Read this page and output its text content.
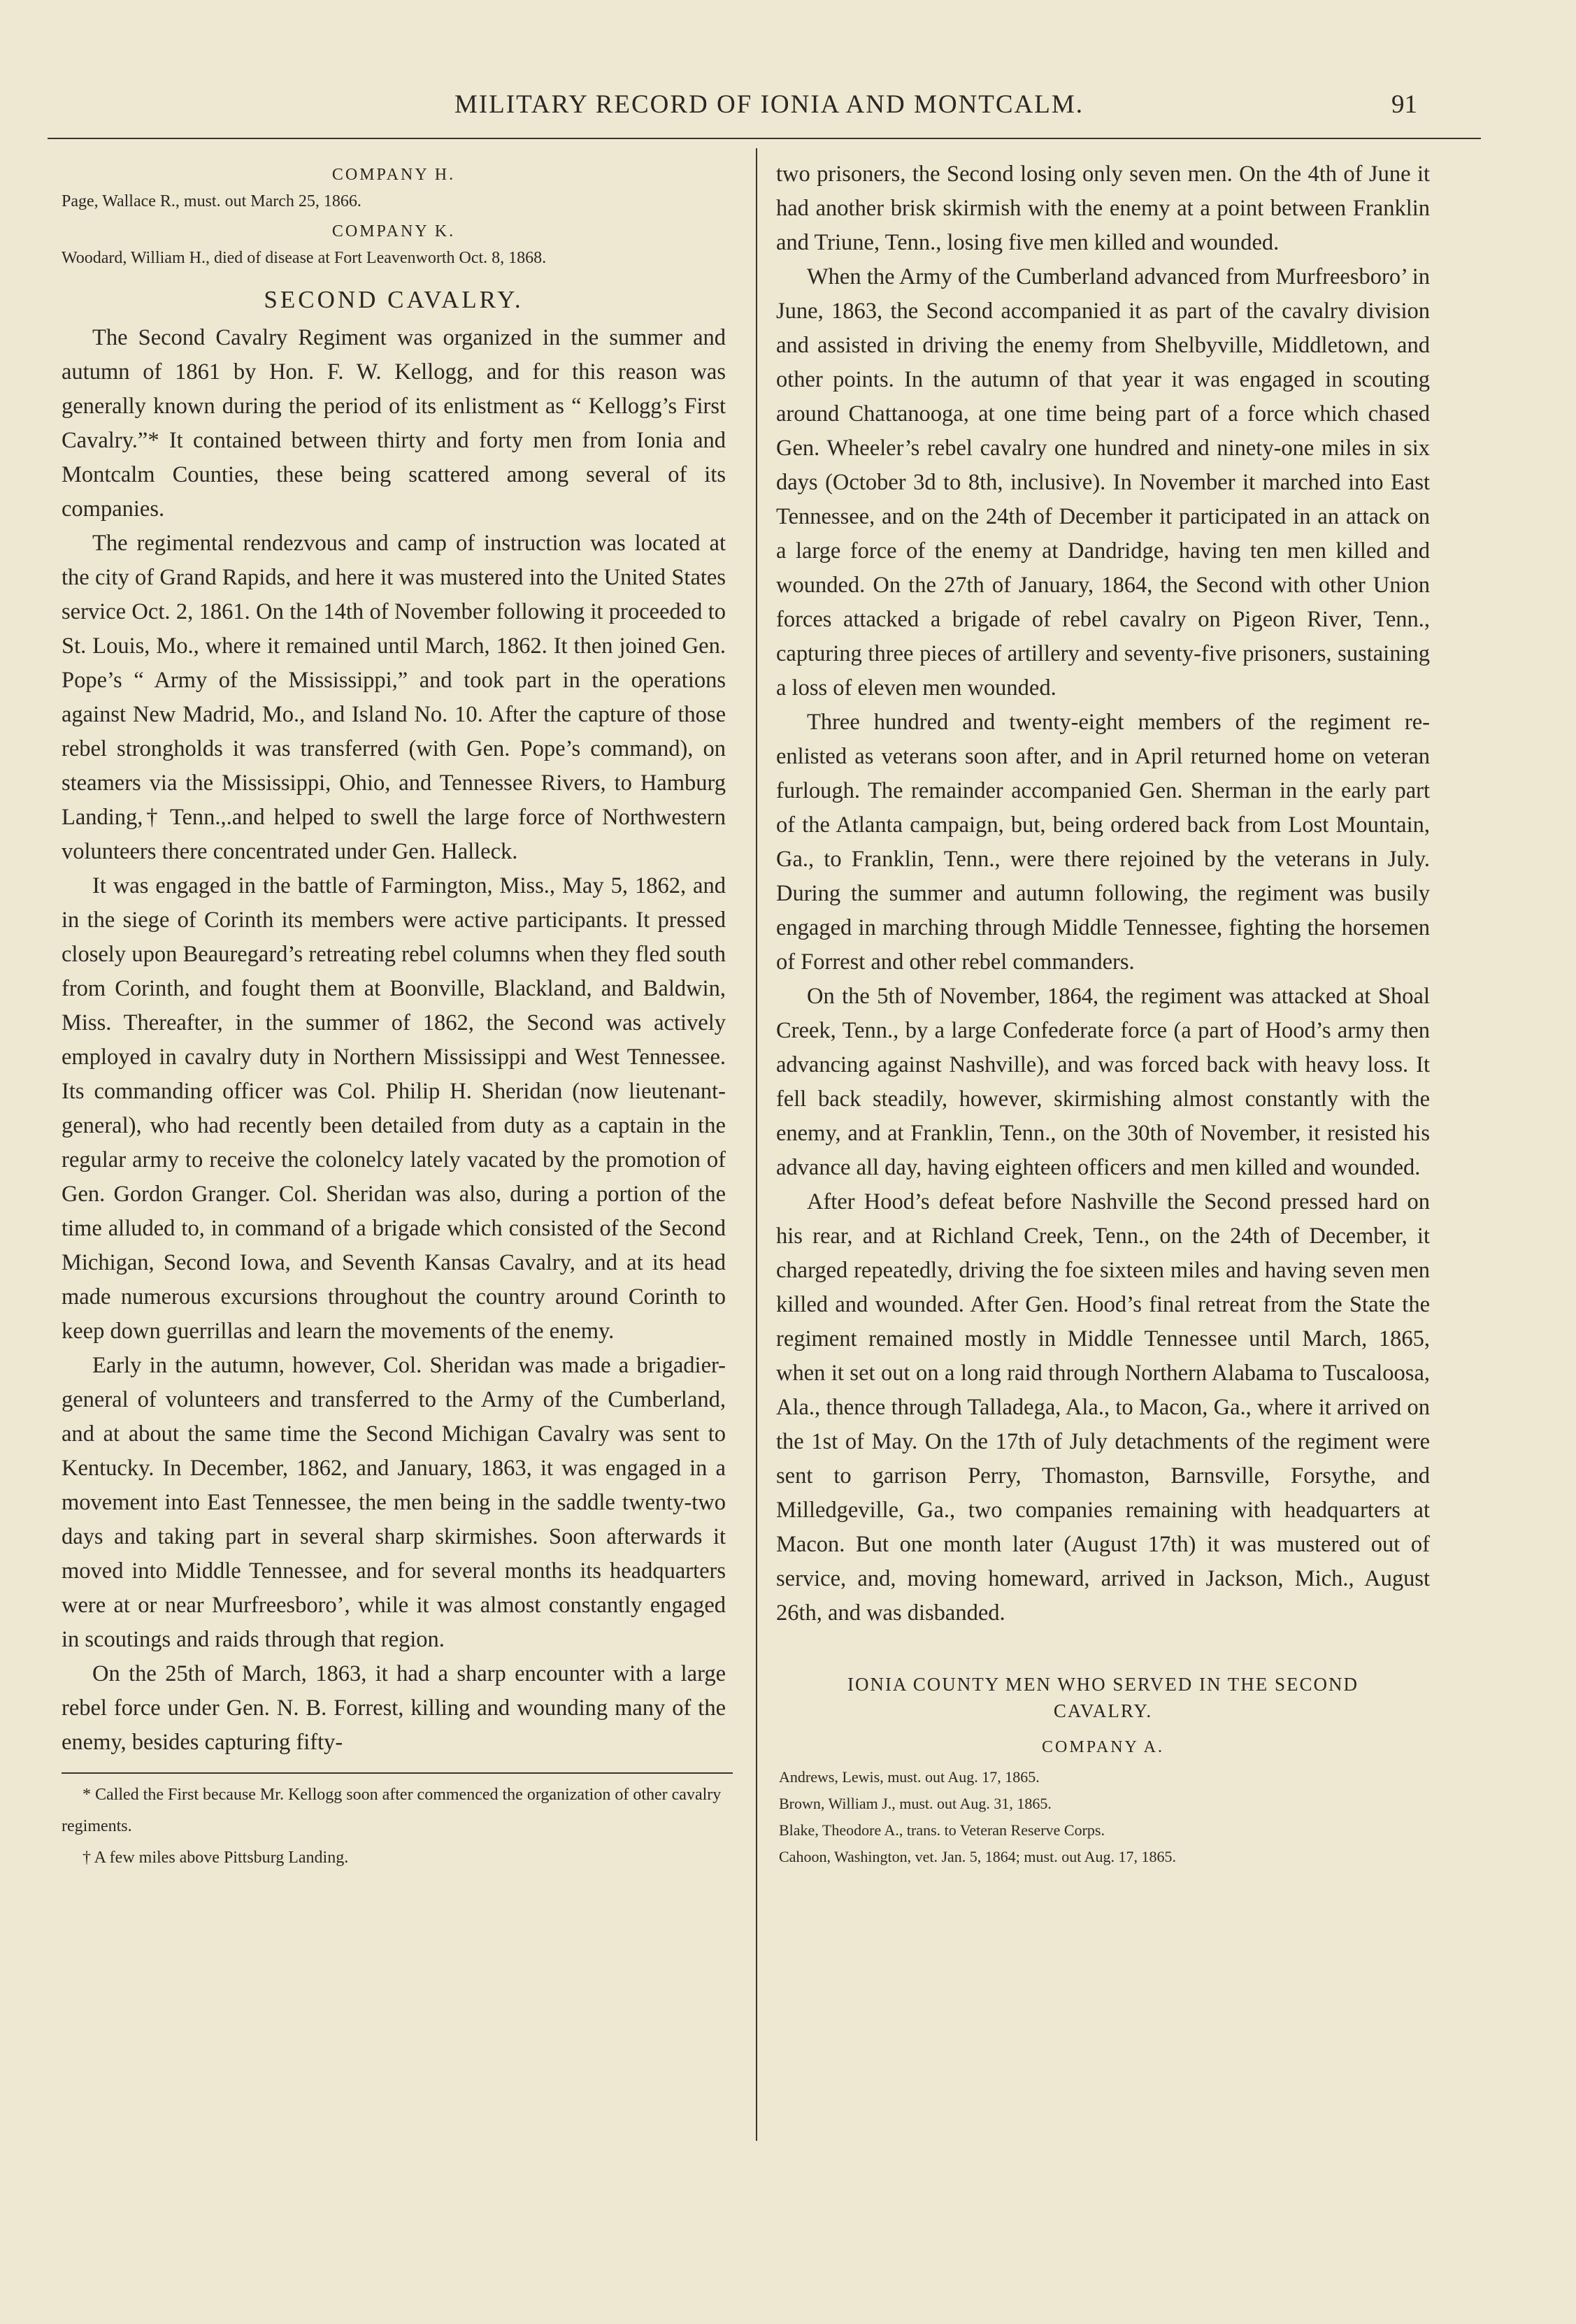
MILITARY RECORD OF IONIA AND MONTCALM.	91
COMPANY H.

Page, Wallace R., must. out March 25, 1866.

COMPANY K.

Woodard, William H., died of disease at Fort Leavenworth Oct. 8, 1868.

SECOND CAVALRY.

The Second Cavalry Regiment was organized in the summer and autumn of 1861 by Hon. F. W. Kellogg, and for this reason was generally known during the period of its enlistment as “ Kellogg’s First Cavalry.”* It contained between thirty and forty men from Ionia and Montcalm Counties, these being scattered among several of its companies.

The regimental rendezvous and camp of instruction was located at the city of Grand Rapids, and here it was mustered into the United States service Oct. 2, 1861. On the 14th of November following it proceeded to St. Louis, Mo., where it remained until March, 1862. It then joined Gen. Pope’s “ Army of the Mississippi,” and took part in the operations against New Madrid, Mo., and Island No. 10. After the capture of those rebel strongholds it was transferred (with Gen. Pope’s command), on steamers via the Mississippi, Ohio, and Tennessee Rivers, to Hamburg Landing,† Tenn.,.and helped to swell the large force of Northwestern volunteers there concentrated under Gen. Halleck.

It was engaged in the battle of Farmington, Miss., May 5, 1862, and in the siege of Corinth its members were active participants. It pressed closely upon Beauregard’s retreating rebel columns when they fled south from Corinth, and fought them at Boonville, Blackland, and Baldwin, Miss. Thereafter, in the summer of 1862, the Second was actively employed in cavalry duty in Northern Mississippi and West Tennessee. Its commanding officer was Col. Philip H. Sheridan (now lieutenant-general), who had recently been detailed from duty as a captain in the regular army to receive the colonelcy lately vacated by the promotion of Gen. Gordon Granger. Col. Sheridan was also, during a portion of the time alluded to, in command of a brigade which consisted of the Second Michigan, Second Iowa, and Seventh Kansas Cavalry, and at its head made numerous excursions throughout the country around Corinth to keep down guerrillas and learn the movements of the enemy.

Early in the autumn, however, Col. Sheridan was made a brigadier-general of volunteers and transferred to the Army of the Cumberland, and at about the same time the Second Michigan Cavalry was sent to Kentucky. In December, 1862, and January, 1863, it was engaged in a movement into East Tennessee, the men being in the saddle twenty-two days and taking part in several sharp skirmishes. Soon afterwards it moved into Middle Tennessee, and for several months its headquarters were at or near Murfreesboro’, while it was almost constantly engaged in scoutings and raids through that region.

On the 25th of March, 1863, it had a sharp encounter with a large rebel force under Gen. N. B. Forrest, killing and wounding many of the enemy, besides capturing fifty-

* Called the First because Mr. Kellogg soon after commenced the organization of other cavalry regiments.

† A few miles above Pittsburg Landing.

two prisoners, the Second losing only seven men. On the 4th of June it had another brisk skirmish with the enemy at a point between Franklin and Triune, Tenn., losing five men killed and wounded.

When the Army of the Cumberland advanced from Murfreesboro’ in June, 1863, the Second accompanied it as part of the cavalry division and assisted in driving the enemy from Shelbyville, Middletown, and other points. In the autumn of that year it was engaged in scouting around Chattanooga, at one time being part of a force which chased Gen. Wheeler’s rebel cavalry one hundred and ninety-one miles in six days (October 3d to 8th, inclusive). In November it marched into East Tennessee, and on the 24th of December it participated in an attack on a large force of the enemy at Dandridge, having ten men killed and wounded. On the 27th of January, 1864, the Second with other Union forces attacked a brigade of rebel cavalry on Pigeon River, Tenn., capturing three pieces of artillery and seventy-five prisoners, sustaining a loss of eleven men wounded.

Three hundred and twenty-eight members of the regiment re-enlisted as veterans soon after, and in April returned home on veteran furlough. The remainder accompanied Gen. Sherman in the early part of the Atlanta campaign, but, being ordered back from Lost Mountain, Ga., to Franklin, Tenn., were there rejoined by the veterans in July. During the summer and autumn following, the regiment was busily engaged in marching through Middle Tennessee, fighting the horsemen of Forrest and other rebel commanders.

On the 5th of November, 1864, the regiment was attacked at Shoal Creek, Tenn., by a large Confederate force (a part of Hood’s army then advancing against Nashville), and was forced back with heavy loss. It fell back steadily, however, skirmishing almost constantly with the enemy, and at Franklin, Tenn., on the 30th of November, it resisted his advance all day, having eighteen officers and men killed and wounded.

After Hood’s defeat before Nashville the Second pressed hard on his rear, and at Richland Creek, Tenn., on the 24th of December, it charged repeatedly, driving the foe sixteen miles and having seven men killed and wounded. After Gen. Hood’s final retreat from the State the regiment remained mostly in Middle Tennessee until March, 1865, when it set out on a long raid through Northern Alabama to Tuscaloosa, Ala., thence through Talladega, Ala., to Macon, Ga., where it arrived on the 1st of May. On the 17th of July detachments of the regiment were sent to garrison Perry, Thomaston, Barnsville, Forsythe, and Milledgeville, Ga., two companies remaining with headquarters at Macon. But one month later (August 17th) it was mustered out of service, and, moving homeward, arrived in Jackson, Mich., August 26th, and was disbanded.

IONIA COUNTY MEN WHO SERVED IN THE SECOND CAVALRY.
COMPANY A.

Andrews, Lewis, must. out Aug. 17, 1865.

Brown, William J., must. out Aug. 31, 1865.

Blake, Theodore A., trans. to Veteran Reserve Corps.

Cahoon, Washington, vet. Jan. 5, 1864; must. out Aug. 17, 1865.
